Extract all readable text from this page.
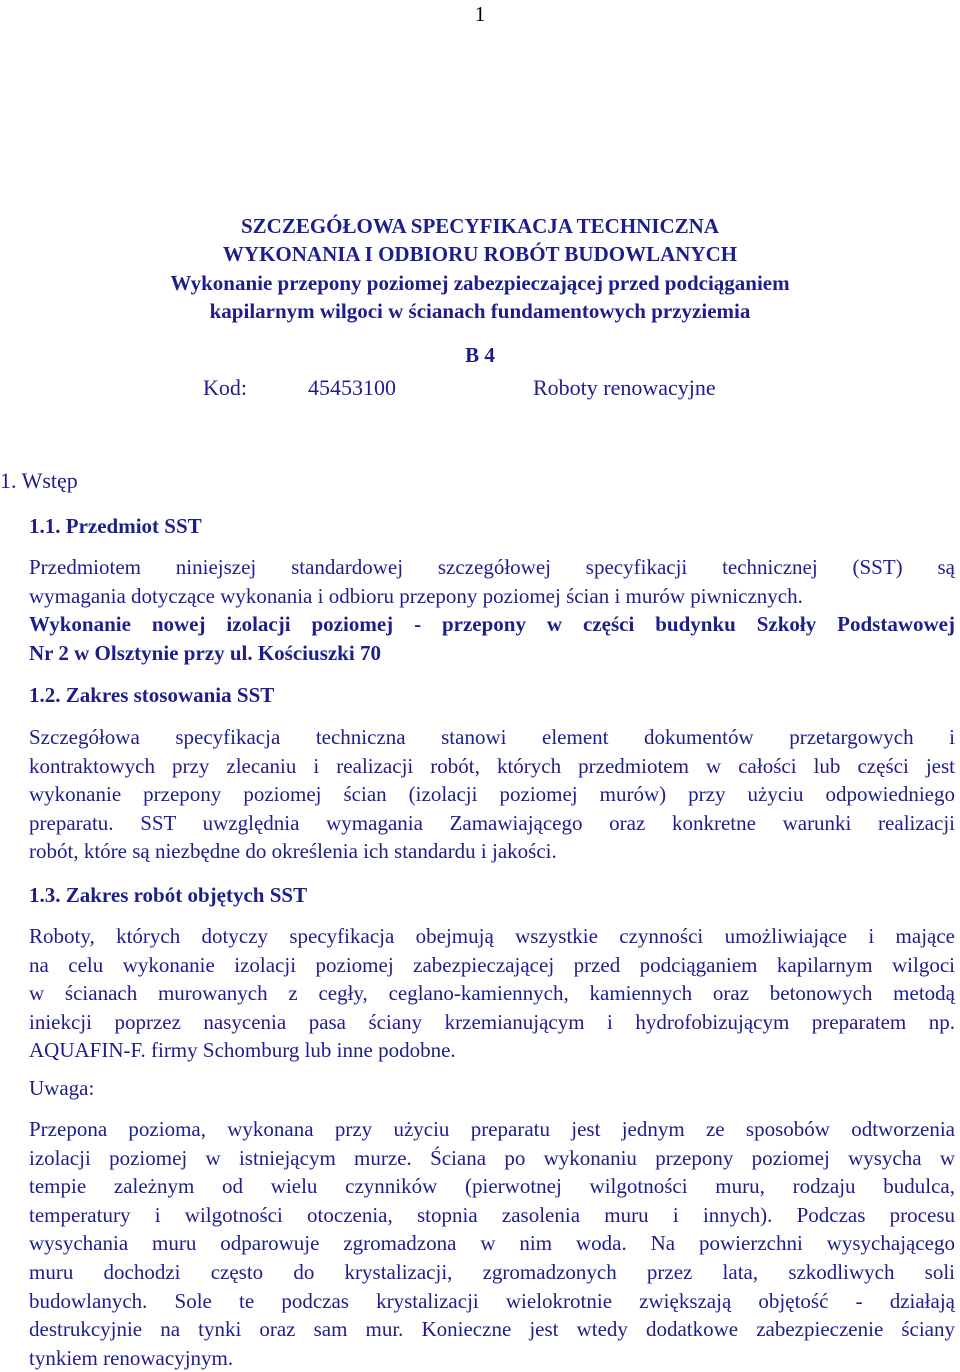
1
SZCZEGÓŁOWA SPECYFIKACJA TECHNICZNA
WYKONANIA I ODBIORU ROBÓT BUDOWLANYCH
Wykonanie przepony poziomej zabezpieczającej przed podciąganiem
kapilarnym wilgoci w ścianach fundamentowych przyziemia
B 4
Kod:	45453100	Roboty renowacyjne
1. Wstęp
1.1. Przedmiot SST
Przedmiotem niniejszej standardowej szczegółowej specyfikacji technicznej (SST) są
wymagania dotyczące wykonania i odbioru przepony poziomej ścian i murów piwnicznych.
Wykonanie nowej izolacji poziomej - przepony w części budynku Szkoły Podstawowej
Nr 2 w Olsztynie przy ul. Kościuszki 70
1.2. Zakres stosowania SST
Szczegółowa specyfikacja techniczna stanowi element dokumentów przetargowych i
kontraktowych przy zlecaniu i realizacji robót, których przedmiotem w całości lub części jest
wykonanie przepony poziomej ścian (izolacji poziomej murów) przy użyciu odpowiedniego
preparatu. SST uwzględnia wymagania Zamawiającego oraz konkretne warunki realizacji
robót, które są niezbędne do określenia ich standardu i jakości.
1.3. Zakres robót objętych SST
Roboty, których dotyczy specyfikacja obejmują wszystkie czynności umożliwiające i mające
na celu wykonanie izolacji poziomej zabezpieczającej przed podciąganiem kapilarnym wilgoci
w ścianach murowanych z cegły, ceglano-kamiennych, kamiennych oraz betonowych metodą
iniekcji poprzez nasycenia pasa ściany krzemianującym i hydrofobizującym preparatem np.
AQUAFIN-F. firmy Schomburg lub inne podobne.
Uwaga:
Przepona pozioma, wykonana przy użyciu preparatu jest jednym ze sposobów odtworzenia
izolacji poziomej w istniejącym murze. Ściana po wykonaniu przepony poziomej wysycha w
tempie zależnym od wielu czynników (pierwotnej wilgotności muru, rodzaju budulca,
temperatury i wilgotności otoczenia, stopnia zasolenia muru i innych). Podczas procesu
wysychania muru odparowuje zgromadzona w nim woda. Na powierzchni wysychającego
muru dochodzi często do krystalizacji, zgromadzonych przez lata, szkodliwych soli
budowlanych. Sole te podczas krystalizacji wielokrotnie zwiększają objętość - działają
destrukcyjnie na tynki oraz sam mur. Konieczne jest wtedy dodatkowe zabezpieczenie ściany
tynkiem renowacyjnym.
